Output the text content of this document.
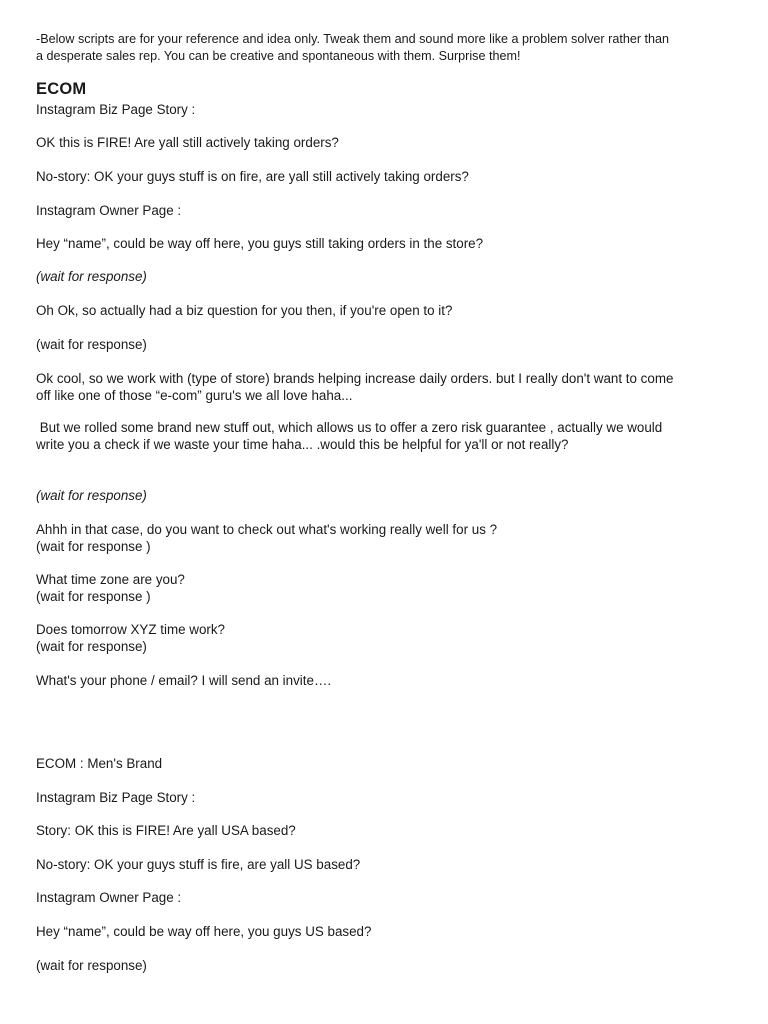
-Below scripts are for your reference and idea only. Tweak them and sound more like a problem solver rather than a desperate sales rep. You can be creative and spontaneous with them. Surprise them!

ECOM

Instagram Biz Page Story :

OK this is FIRE! Are yall still actively taking orders?

No-story: OK your guys stuff is on fire, are yall still actively taking orders?

Instagram Owner Page :

Hey “name”, could be way off here, you guys still taking orders in the store?

(wait for response)

Oh Ok, so actually had a biz question for you then, if you're open to it?

(wait for response)

Ok cool, so we work with (type of store) brands helping increase daily orders. but I really don't want to come off like one of those “e-com” guru's we all love haha...

But we rolled some brand new stuff out, which allows us to offer a zero risk guarantee , actually we would write you a check if we waste your time haha... .would this be helpful for ya'll or not really?

(wait for response)

Ahhh in that case, do you want to check out what's working really well for us ?

(wait for response )

What time zone are you?

(wait for response )

Does tomorrow XYZ time work?

(wait for response)

What's your phone / email? I will send an invite….

ECOM : Men's Brand

Instagram Biz Page Story :

Story: OK this is FIRE! Are yall USA based?

No-story: OK your guys stuff is fire, are yall US based?

Instagram Owner Page :

Hey “name”, could be way off here, you guys US based?

(wait for response)
